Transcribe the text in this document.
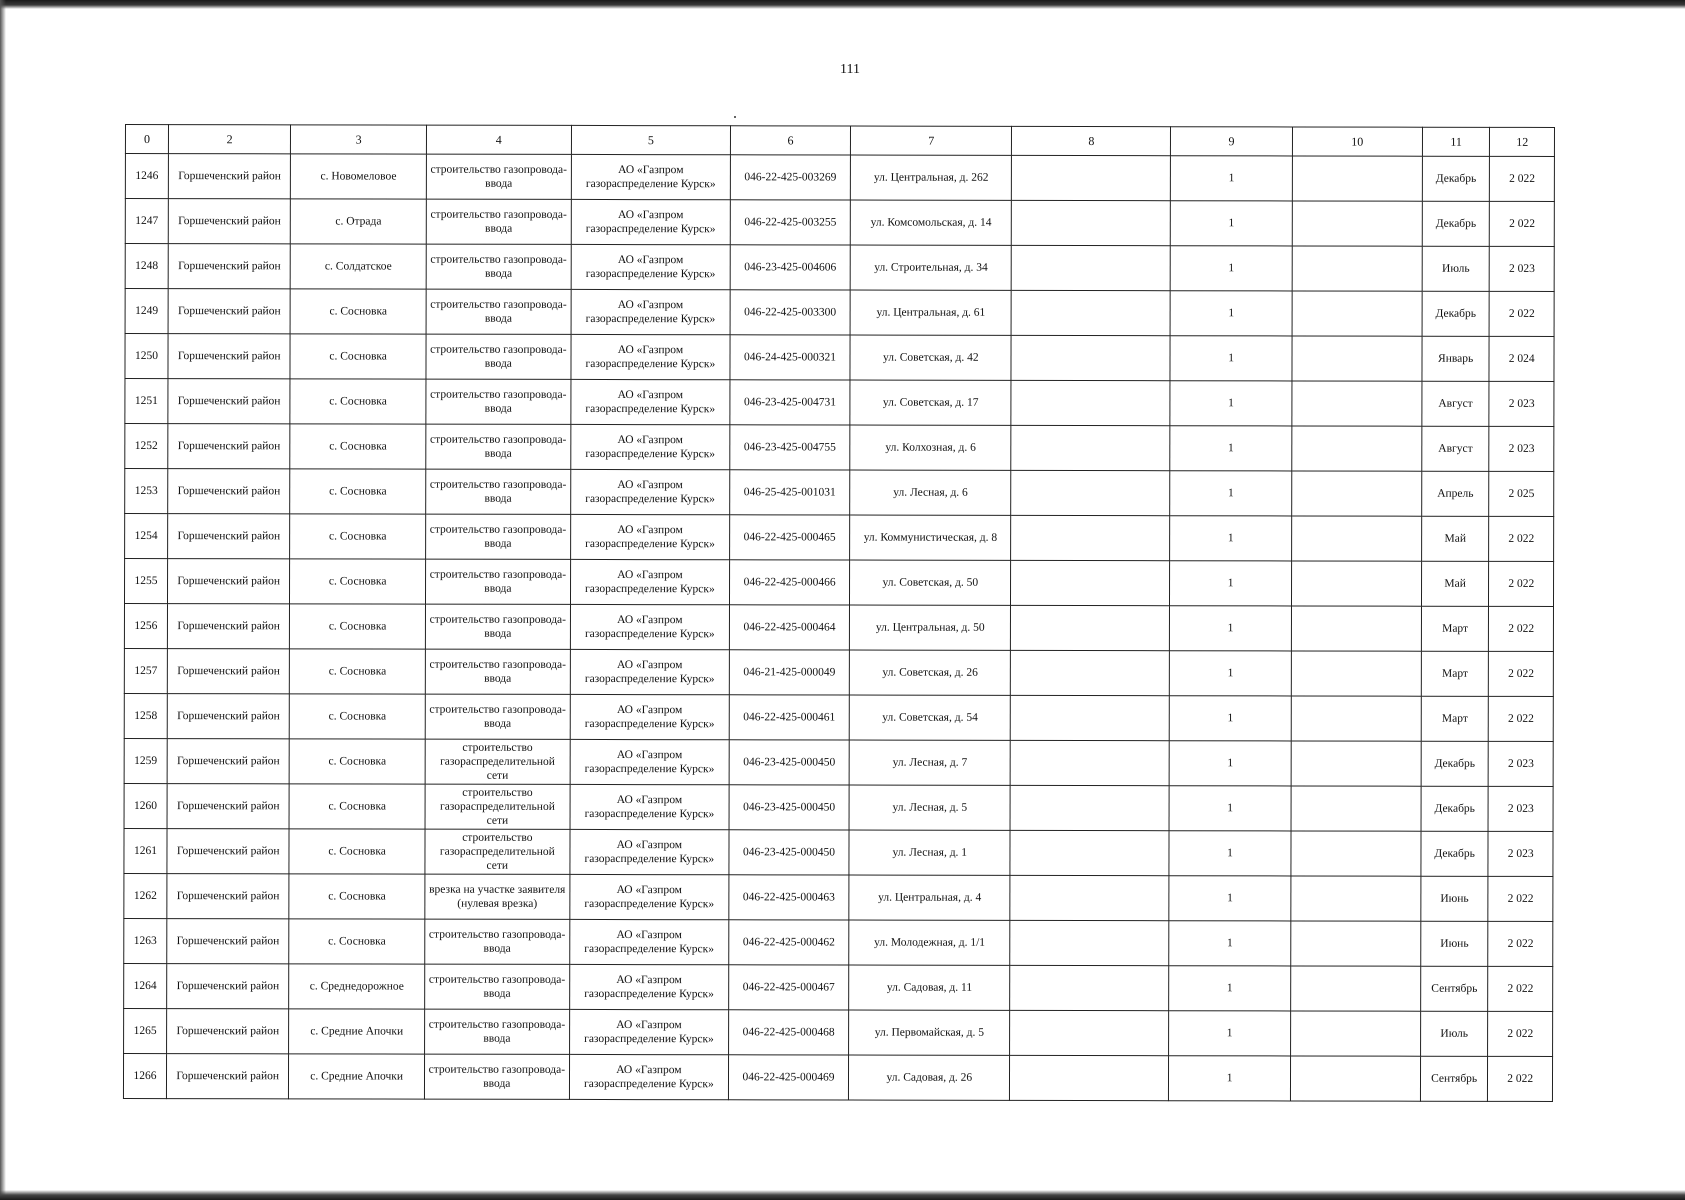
111
0	2	3	4	5	6	7	8	9	10	11	12
1246	Горшеченский район	с. Новомеловое	строительство газопровода-ввода	АО «Газпром газораспределение Курск»	046-22-425-003269	ул. Центральная, д. 262		1		Декабрь	2 022
1247	Горшеченский район	с. Отрада	строительство газопровода-ввода	АО «Газпром газораспределение Курск»	046-22-425-003255	ул. Комсомольская, д. 14		1		Декабрь	2 022
1248	Горшеченский район	с. Солдатское	строительство газопровода-ввода	АО «Газпром газораспределение Курск»	046-23-425-004606	ул. Строительная, д. 34		1		Июль	2 023
1249	Горшеченский район	с. Сосновка	строительство газопровода-ввода	АО «Газпром газораспределение Курск»	046-22-425-003300	ул. Центральная, д. 61		1		Декабрь	2 022
1250	Горшеченский район	с. Сосновка	строительство газопровода-ввода	АО «Газпром газораспределение Курск»	046-24-425-000321	ул. Советская, д. 42		1		Январь	2 024
1251	Горшеченский район	с. Сосновка	строительство газопровода-ввода	АО «Газпром газораспределение Курск»	046-23-425-004731	ул. Советская, д. 17		1		Август	2 023
1252	Горшеченский район	с. Сосновка	строительство газопровода-ввода	АО «Газпром газораспределение Курск»	046-23-425-004755	ул. Колхозная, д. 6		1		Август	2 023
1253	Горшеченский район	с. Сосновка	строительство газопровода-ввода	АО «Газпром газораспределение Курск»	046-25-425-001031	ул. Лесная, д. 6		1		Апрель	2 025
1254	Горшеченский район	с. Сосновка	строительство газопровода-ввода	АО «Газпром газораспределение Курск»	046-22-425-000465	ул. Коммунистическая, д. 8		1		Май	2 022
1255	Горшеченский район	с. Сосновка	строительство газопровода-ввода	АО «Газпром газораспределение Курск»	046-22-425-000466	ул. Советская, д. 50		1		Май	2 022
1256	Горшеченский район	с. Сосновка	строительство газопровода-ввода	АО «Газпром газораспределение Курск»	046-22-425-000464	ул. Центральная, д. 50		1		Март	2 022
1257	Горшеченский район	с. Сосновка	строительство газопровода-ввода	АО «Газпром газораспределение Курск»	046-21-425-000049	ул. Советская, д. 26		1		Март	2 022
1258	Горшеченский район	с. Сосновка	строительство газопровода-ввода	АО «Газпром газораспределение Курск»	046-22-425-000461	ул. Советская, д. 54		1		Март	2 022
1259	Горшеченский район	с. Сосновка	строительство газораспределительной сети	АО «Газпром газораспределение Курск»	046-23-425-000450	ул. Лесная, д. 7		1		Декабрь	2 023
1260	Горшеченский район	с. Сосновка	строительство газораспределительной сети	АО «Газпром газораспределение Курск»	046-23-425-000450	ул. Лесная, д. 5		1		Декабрь	2 023
1261	Горшеченский район	с. Сосновка	строительство газораспределительной сети	АО «Газпром газораспределение Курск»	046-23-425-000450	ул. Лесная, д. 1		1		Декабрь	2 023
1262	Горшеченский район	с. Сосновка	врезка на участке заявителя (нулевая врезка)	АО «Газпром газораспределение Курск»	046-22-425-000463	ул. Центральная, д. 4		1		Июнь	2 022
1263	Горшеченский район	с. Сосновка	строительство газопровода-ввода	АО «Газпром газораспределение Курск»	046-22-425-000462	ул. Молодежная, д. 1/1		1		Июнь	2 022
1264	Горшеченский район	с. Среднедорожное	строительство газопровода-ввода	АО «Газпром газораспределение Курск»	046-22-425-000467	ул. Садовая, д. 11		1		Сентябрь	2 022
1265	Горшеченский район	с. Средние Апочки	строительство газопровода-ввода	АО «Газпром газораспределение Курск»	046-22-425-000468	ул. Первомайская, д. 5		1		Июль	2 022
1266	Горшеченский район	с. Средние Апочки	строительство газопровода-ввода	АО «Газпром газораспределение Курск»	046-22-425-000469	ул. Садовая, д. 26		1		Сентябрь	2 022
